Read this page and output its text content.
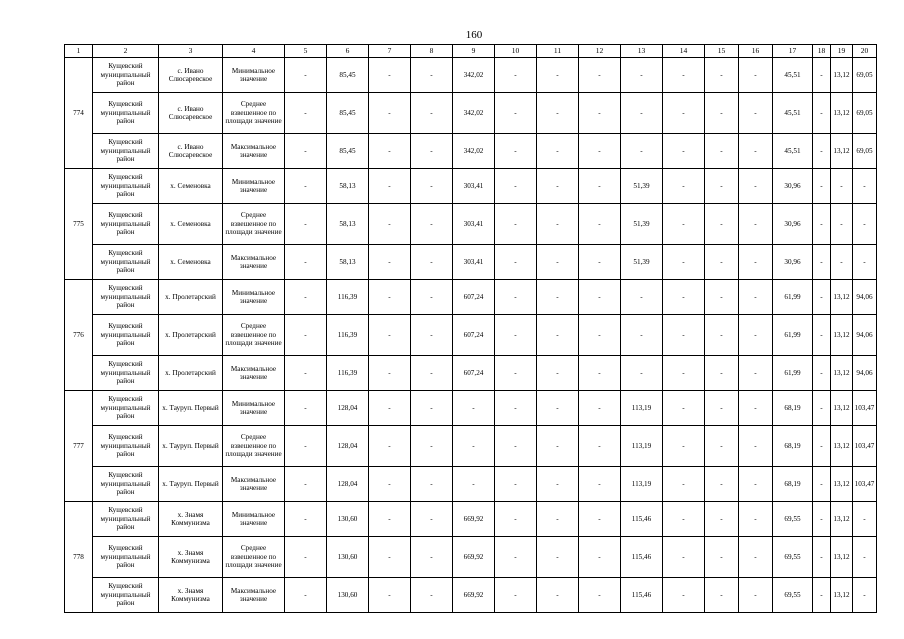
160
1	2	3	4	5	6	7	8	9	10	11	12	13	14	15	16	17	18	19	20
774	Кущевский муниципальный район	с. Ивано Слюсаревское	Минимальное значение	-	85,45	-	-	342,02	-	-	-	-	-	-	-	45,51	-	13,12	69,05
	Кущевский муниципальный район	с. Ивано Слюсаревское	Среднее взвешенное по площади значение	-	85,45	-	-	342,02	-	-	-	-	-	-	-	45,51	-	13,12	69,05
	Кущевский муниципальный район	с. Ивано Слюсаревское	Максимальное значение	-	85,45	-	-	342,02	-	-	-	-	-	-	-	45,51	-	13,12	69,05
775	Кущевский муниципальный район	х. Семеновка	Минимальное значение	-	58,13	-	-	303,41	-	-	-	51,39	-	-	-	30,96	-	-	-
	Кущевский муниципальный район	х. Семеновка	Среднее взвешенное по площади значение	-	58,13	-	-	303,41	-	-	-	51,39	-	-	-	30,96	-	-	-
	Кущевский муниципальный район	х. Семеновка	Максимальное значение	-	58,13	-	-	303,41	-	-	-	51,39	-	-	-	30,96	-	-	-
776	Кущевский муниципальный район	х. Пролетарский	Минимальное значение	-	116,39	-	-	607,24	-	-	-	-	-	-	-	61,99	-	13,12	94,06
	Кущевский муниципальный район	х. Пролетарский	Среднее взвешенное по площади значение	-	116,39	-	-	607,24	-	-	-	-	-	-	-	61,99	-	13,12	94,06
	Кущевский муниципальный район	х. Пролетарский	Максимальное значение	-	116,39	-	-	607,24	-	-	-	-	-	-	-	61,99	-	13,12	94,06
777	Кущевский муниципальный район	х. Тауруп. Первый	Минимальное значение	-	128,04	-	-	-	-	-	-	113,19	-	-	-	68,19	-	13,12	103,47
	Кущевский муниципальный район	х. Тауруп. Первый	Среднее взвешенное по площади значение	-	128,04	-	-	-	-	-	-	113,19	-	-	-	68,19	-	13,12	103,47
	Кущевский муниципальный район	х. Тауруп. Первый	Максимальное значение	-	128,04	-	-	-	-	-	-	113,19	-	-	-	68,19	-	13,12	103,47
778	Кущевский муниципальный район	х. Знамя Коммунизма	Минимальное значение	-	130,60	-	-	669,92	-	-	-	115,46	-	-	-	69,55	-	13,12	-
	Кущевский муниципальный район	х. Знамя Коммунизма	Среднее взвешенное по площади значение	-	130,60	-	-	669,92	-	-	-	115,46	-	-	-	69,55	-	13,12	-
	Кущевский муниципальный район	х. Знамя Коммунизма	Максимальное значение	-	130,60	-	-	669,92	-	-	-	115,46	-	-	-	69,55	-	13,12	-
